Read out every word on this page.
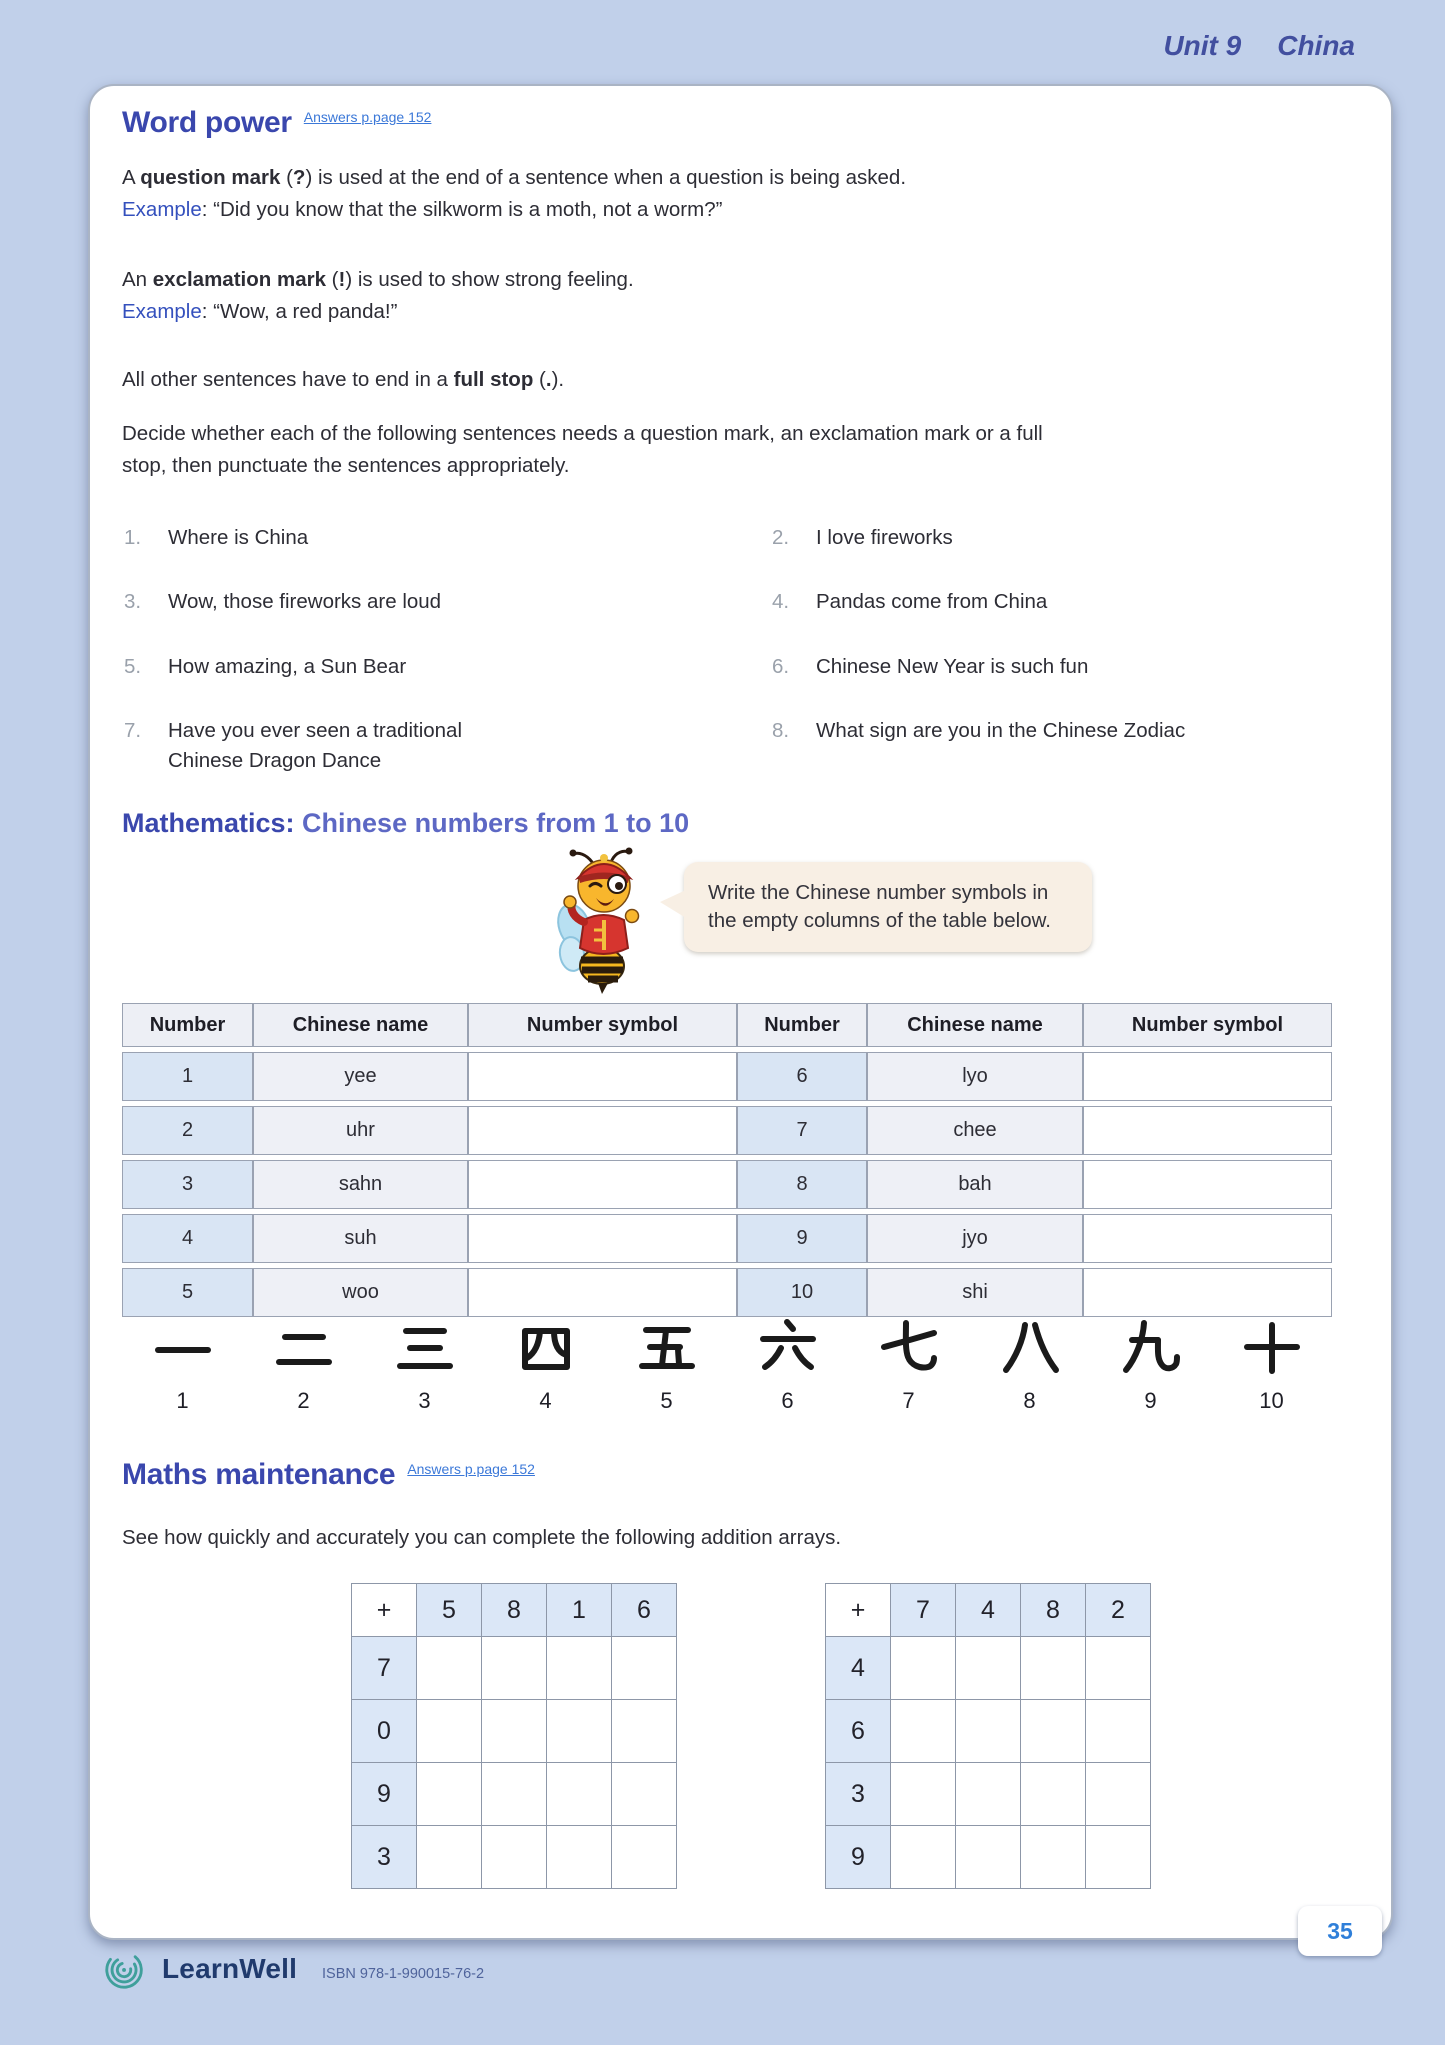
Unit 9 China
Word power Answers p.page 152
A question mark (?) is used at the end of a sentence when a question is being asked.
Example: “Did you know that the silkworm is a moth, not a worm?”
An exclamation mark (!) is used to show strong feeling.
Example: “Wow, a red panda!”
All other sentences have to end in a full stop (.).
Decide whether each of the following sentences needs a question mark, an exclamation mark or a full stop, then punctuate the sentences appropriately.
1.	Where is China	2.	I love fireworks
3.	Wow, those fireworks are loud	4.	Pandas come from China
5.	How amazing, a Sun Bear	6.	Chinese New Year is such fun
7.	Have you ever seen a traditional Chinese Dragon Dance
8.	What sign are you in the Chinese Zodiac
Mathematics: Chinese numbers from 1 to 10
Write the Chinese number symbols in the empty columns of the table below.
Number	Chinese name	Number symbol	Number	Chinese name	Number symbol
1	yee		6	lyo	
2	uhr		7	chee	
3	sahn		8	bah	
4	suh		9	jyo	
5	woo		10	shi	
1	2	3	4	5	6	7	8	9	10
Maths maintenance Answers p.page 152
See how quickly and accurately you can complete the following addition arrays.
+	5	8	1	6
7				
0				
9				
3				
+	7	4	8	2
4				
6				
3				
9				
LearnWell ISBN 978-1-990015-76-2
35
